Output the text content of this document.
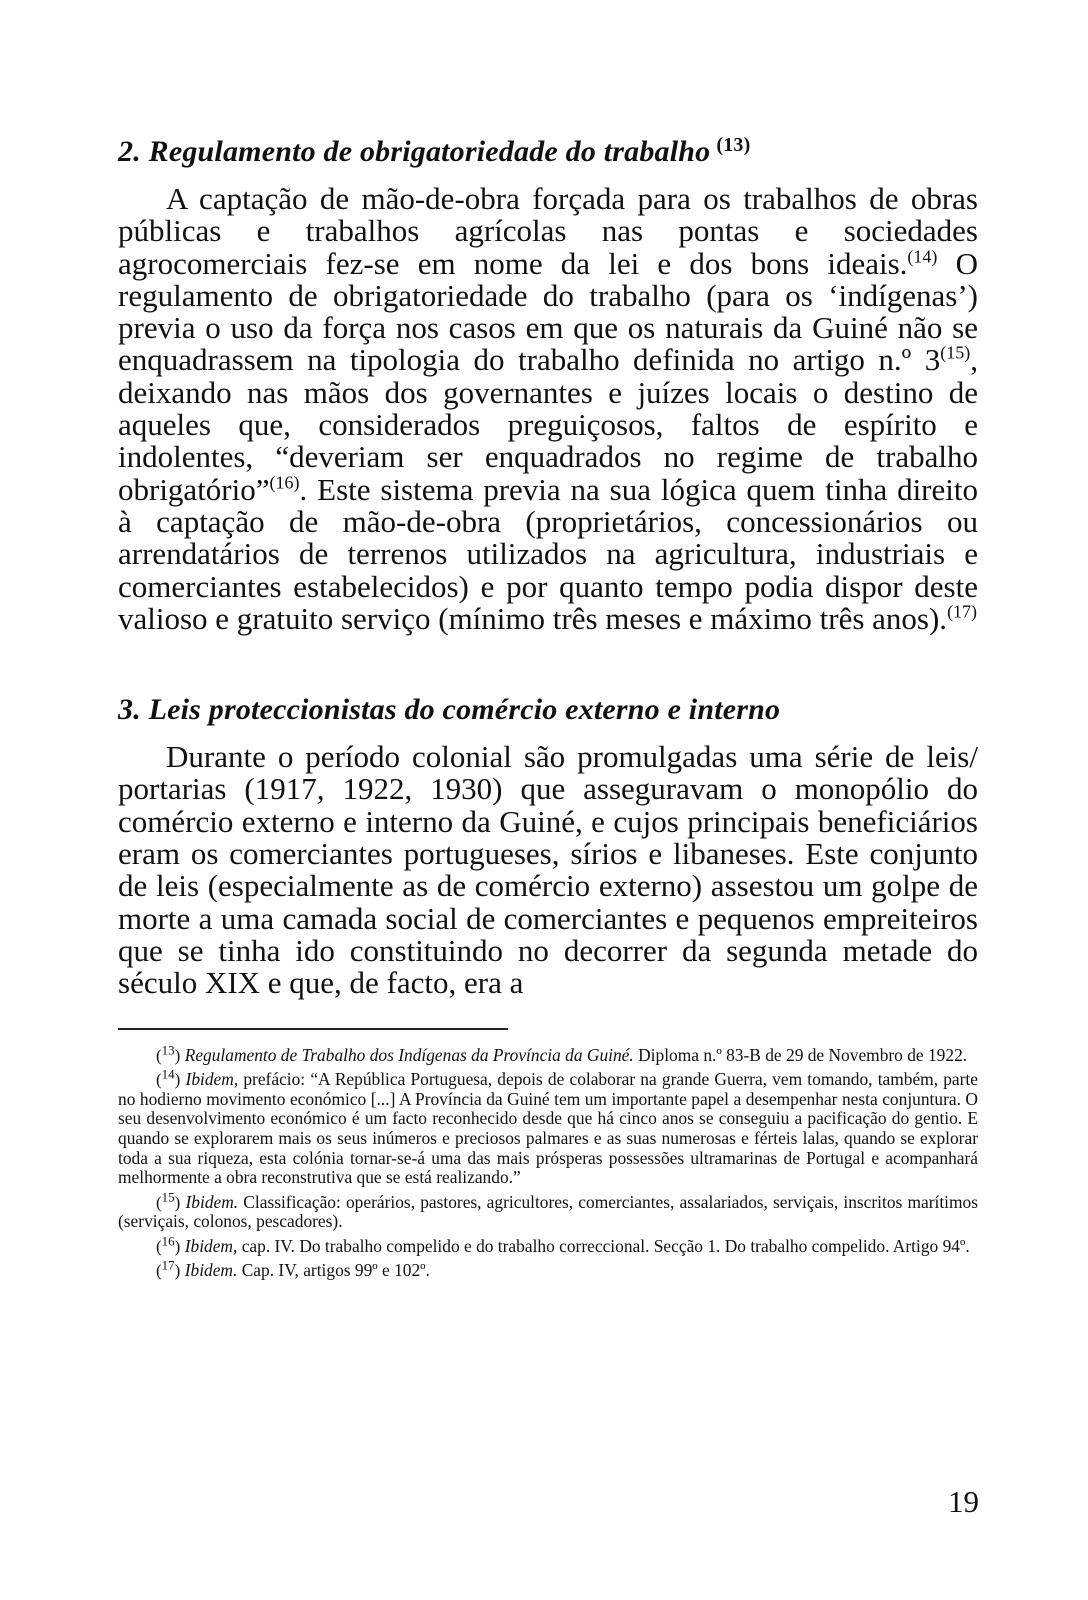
2. Regulamento de obrigatoriedade do trabalho $^{(13)}$

A captação de mão-de-obra forçada para os trabalhos de obras públicas e trabalhos agrícolas nas pontas e sociedades agrocomerciais fez-se em nome da lei e dos bons ideais.$^{(14)}$ O regulamento de obrigatoriedade do trabalho (para os ‘indígenas’) previa o uso da força nos casos em que os naturais da Guiné não se enquadrassem na tipologia do trabalho definida no artigo n.º 3$^{(15)}$, deixando nas mãos dos governantes e juízes locais o destino de aqueles que, considerados preguiçosos, faltos de espírito e indolentes, “deveriam ser enquadrados no regime de trabalho obrigatório”$^{(16)}$. Este sistema previa na sua lógica quem tinha direito à captação de mão-de-obra (proprietários, concessionários ou arrendatários de terrenos utilizados na agricultura, industriais e comerciantes estabelecidos) e por quanto tempo podia dispor deste valioso e gratuito serviço (mínimo três meses e máximo três anos).$^{(17)}$

3. Leis proteccionistas do comércio externo e interno

Durante o período colonial são promulgadas uma série de leis/ portarias (1917, 1922, 1930) que asseguravam o monopólio do comércio externo e interno da Guiné, e cujos principais beneficiários eram os comerciantes portugueses, sírios e libaneses. Este conjunto de leis (especialmente as de comércio externo) assestou um golpe de morte a uma camada social de comerciantes e pequenos empreiteiros que se tinha ido constituindo no decorrer da segunda metade do século XIX e que, de facto, era a

($^{13}$) Regulamento de Trabalho dos Indígenas da Província da Guiné. Diploma n.º 83-B de 29 de Novembro de 1922.

($^{14}$) Ibidem, prefácio: “A República Portuguesa, depois de colaborar na grande Guerra, vem tomando, também, parte no hodierno movimento económico [...] A Província da Guiné tem um importante papel a desempenhar nesta conjuntura. O seu desenvolvimento económico é um facto reconhecido desde que há cinco anos se conseguiu a pacificação do gentio. E quando se explorarem mais os seus inúmeros e preciosos palmares e as suas numerosas e férteis lalas, quando se explorar toda a sua riqueza, esta colónia tornar-se-á uma das mais prósperas possessões ultramarinas de Portugal e acompanhará melhormente a obra reconstrutiva que se está realizando.”

($^{15}$) Ibidem. Classificação: operários, pastores, agricultores, comerciantes, assalariados, serviçais, inscritos marítimos (serviçais, colonos, pescadores).

($^{16}$) Ibidem, cap. IV. Do trabalho compelido e do trabalho correccional. Secção 1. Do trabalho compelido. Artigo 94º.

($^{17}$) Ibidem. Cap. IV, artigos 99º e 102º.

19
